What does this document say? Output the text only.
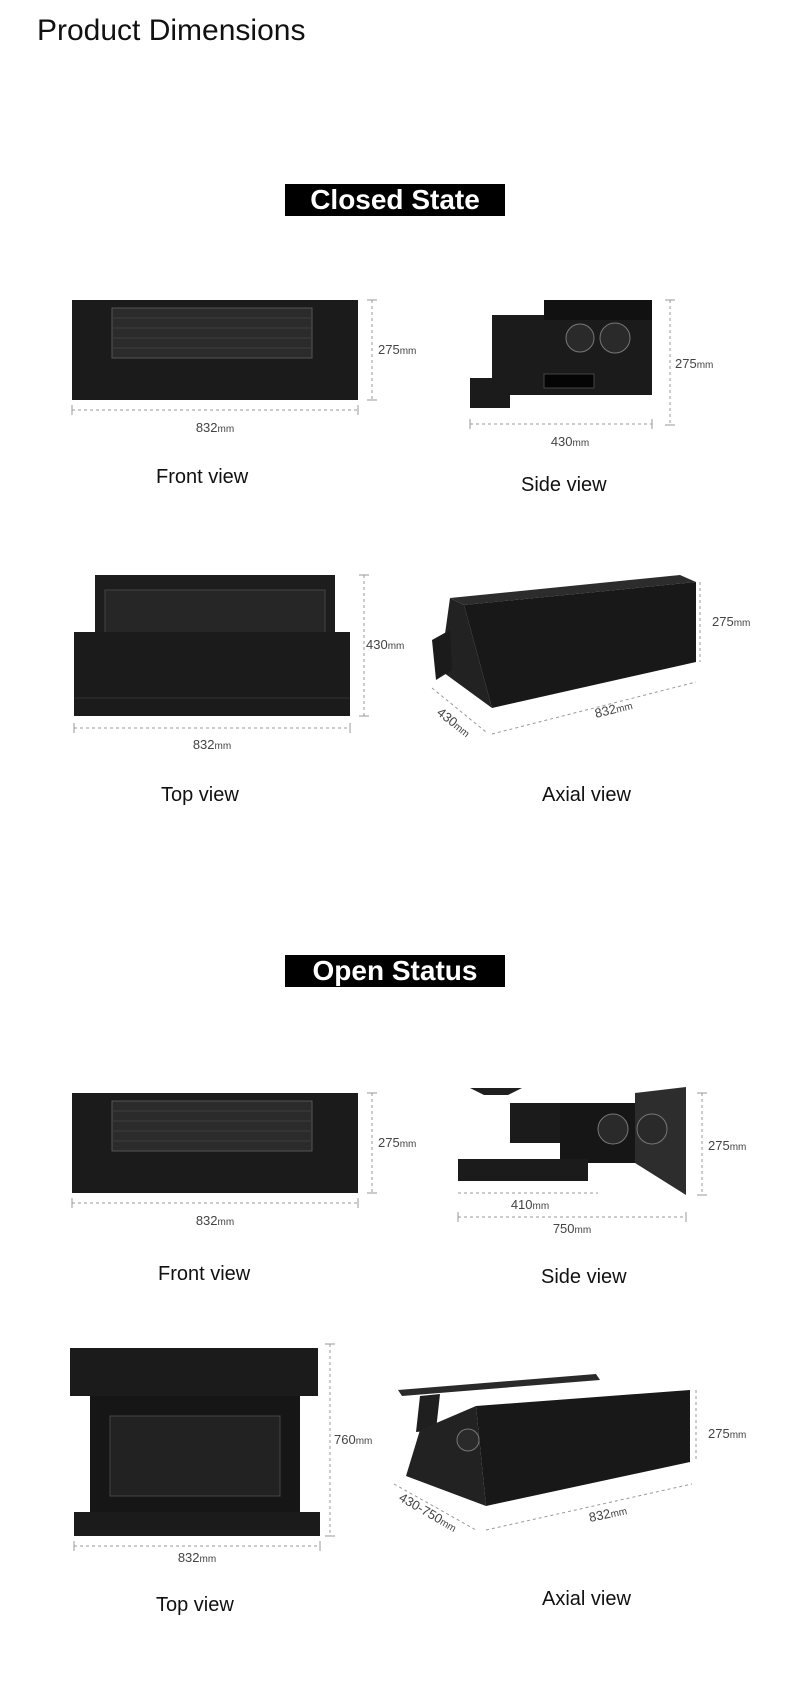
Product Dimensions
Closed State
832mm
275mm
Front view
430mm
275mm
Side view
832mm
430mm
Top view
275mm
832mm
430mm
Axial view
Open Status
832mm
275mm
Front view
410mm
750mm
275mm
Side view
832mm
760mm
Top view
275mm
832mm
430-750mm
Axial view
